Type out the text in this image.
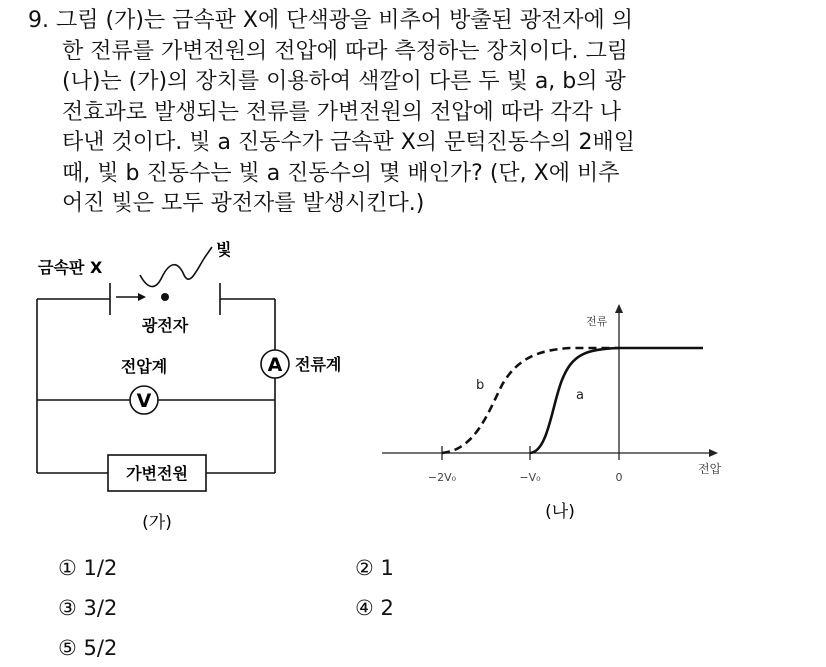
9. 그림 (가)는 금속판 X에 단색광을 비추어 방출된 광전자에 의
한 전류를 가변전원의 전압에 따라 측정하는 장치이다. 그림
(나)는 (가)의 장치를 이용하여 색깔이 다른 두 빛 a, b의 광
전효과로 발생되는 전류를 가변전원의 전압에 따라 각각 나
타낸 것이다. 빛 a 진동수가 금속판 X의 문턱진동수의 2배일
때, 빛 b 진동수는 빛 a 진동수의 몇 배인가? (단, X에 비추
어진 빛은 모두 광전자를 발생시킨다.)
A
V
가변전원
금속판 X
빛
광전자
전압계	전류계
(가)
전류
전압
b
a
−2V₀	−V₀	0
(나)
① 1/2	② 1
③ 3/2	④ 2
⑤ 5/2
